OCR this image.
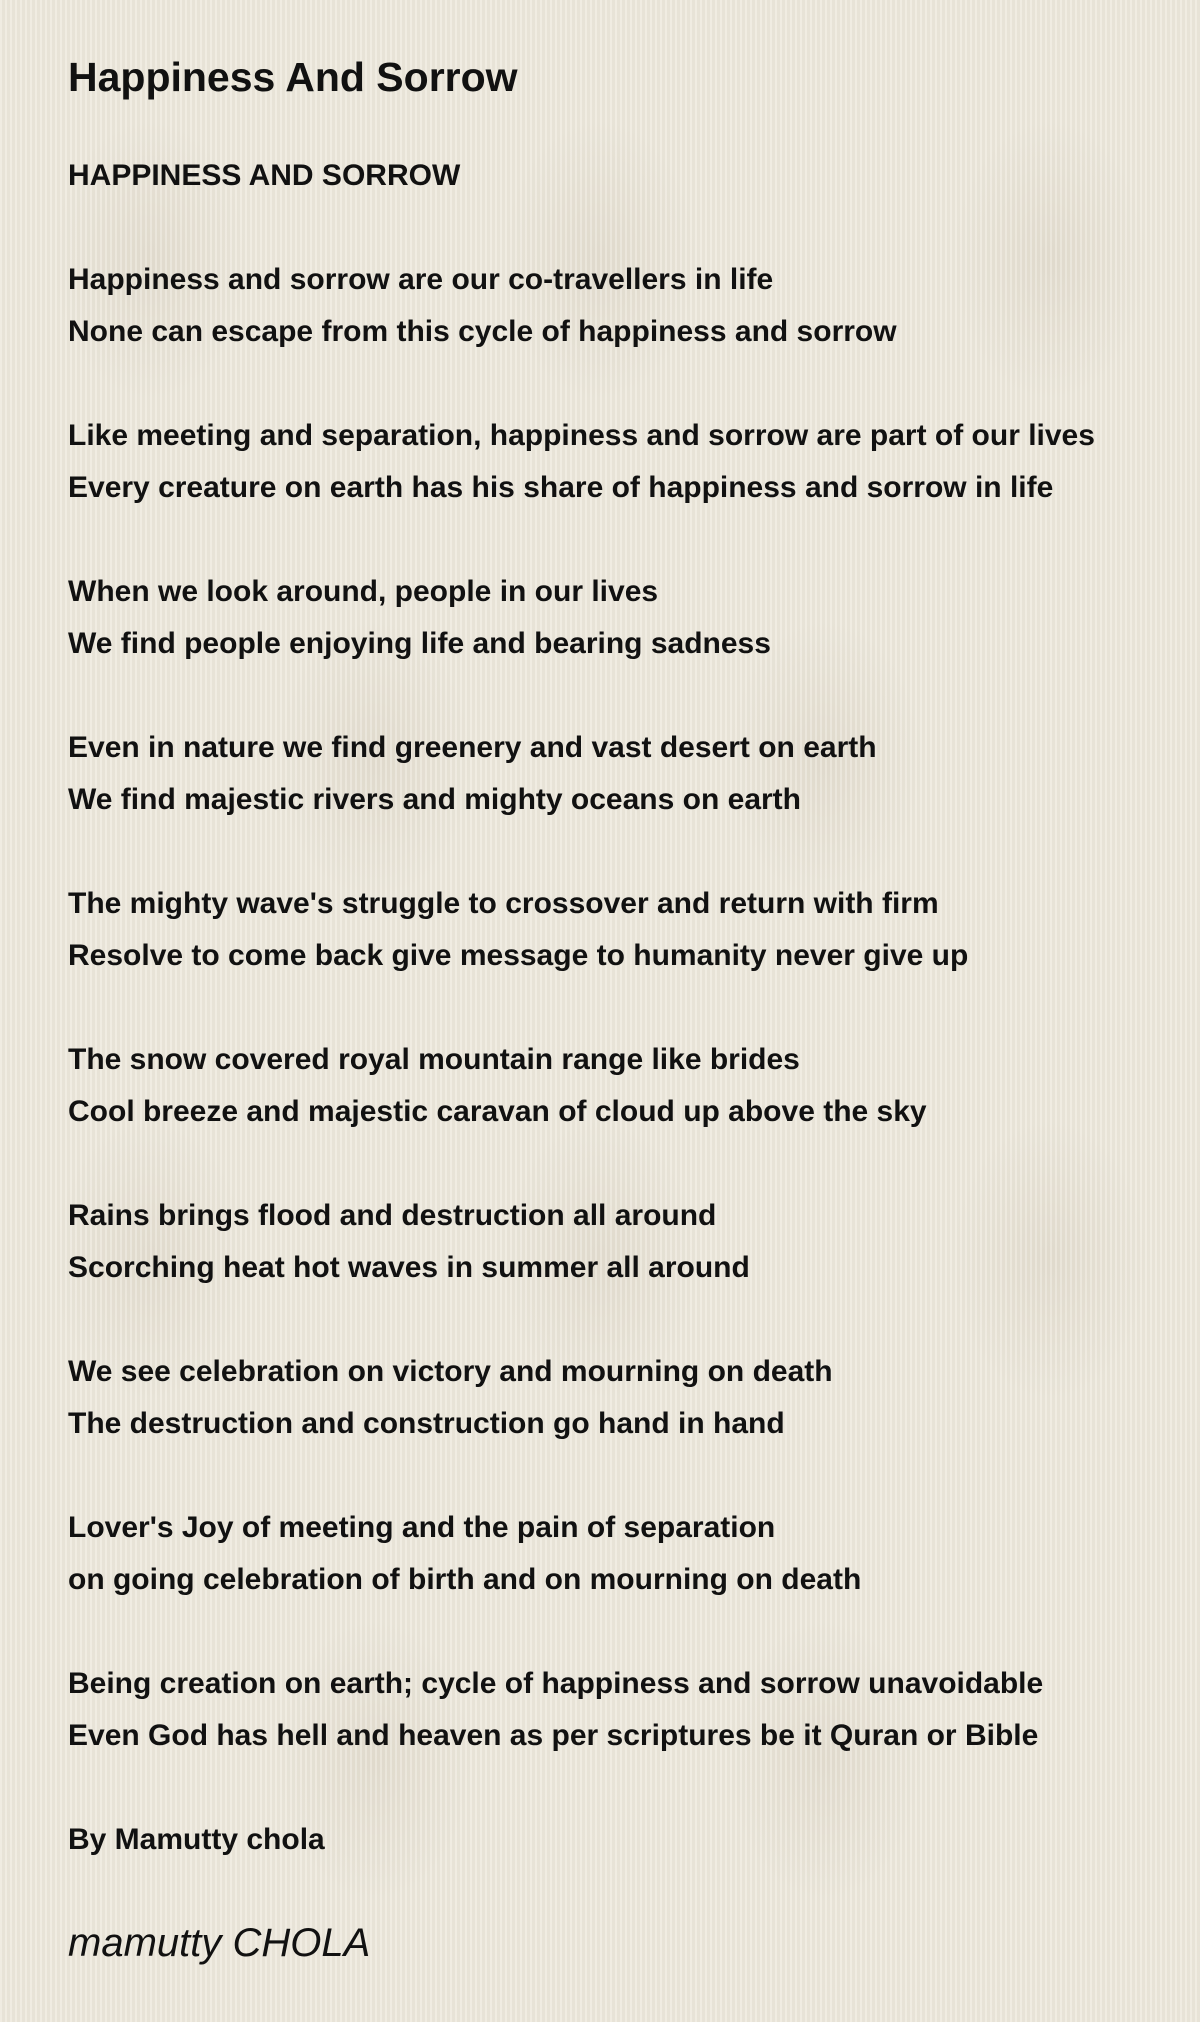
Happiness And Sorrow
HAPPINESS AND SORROW
Happiness and sorrow are our co-travellers in life
None can escape from this cycle of happiness and sorrow
Like meeting and separation, happiness and sorrow are part of our lives
Every creature on earth has his share of happiness and sorrow in life
When we look around, people in our lives
We find people enjoying life and bearing sadness
Even in nature we find greenery and vast desert on earth
We find majestic rivers and mighty oceans on earth
The mighty wave's struggle to crossover and return with firm
Resolve to come back give message to humanity never give up
The snow covered royal mountain range like brides
Cool breeze and majestic caravan of cloud up above the sky
Rains brings flood and destruction all around
Scorching heat hot waves in summer all around
We see celebration on victory and mourning on death
The destruction and construction go hand in hand
Lover's Joy of meeting and the pain of separation
on going celebration of birth and on mourning on death
Being creation on earth; cycle of happiness and sorrow unavoidable
Even God has hell and heaven as per scriptures be it Quran or Bible
By Mamutty chola
mamutty CHOLA
